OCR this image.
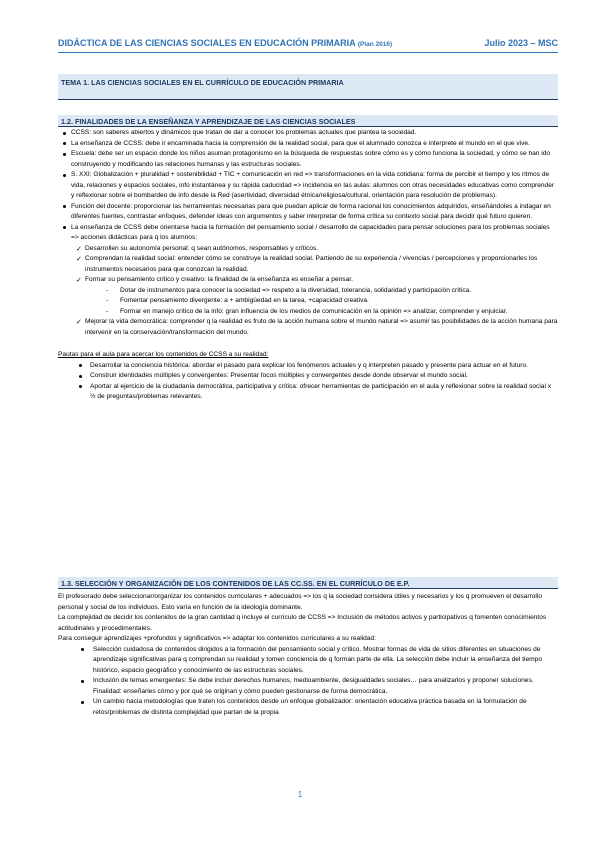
DIDÁCTICA DE LAS CIENCIAS SOCIALES EN EDUCACIÓN PRIMARIA (Plan 2016)	Julio 2023 – MSC
TEMA 1. LAS CIENCIAS SOCIALES EN EL CURRÍCULO DE EDUCACIÓN PRIMARIA
1.2. FINALIDADES DE LA ENSEÑANZA Y APRENDIZAJE DE LAS CIENCIAS SOCIALES
CCSS: son saberes abiertos y dinámicos que tratan de dar a conocer los problemas actuales que plantea la sociedad.
La enseñanza de CCSS: debe ir encaminada hacia la comprensión de la realidad social, para que el alumnado conozca e interprete el mundo en el que vive.
Escuela: debe ser un espacio donde los niños asuman protagonismo en la búsqueda de respuestas sobre cómo es y cómo funciona la sociedad, y cómo se han ido construyendo y modificando las relaciones humanas y las estructuras sociales.
S. XXI: Globalización + pluralidad + sostenibilidad + TIC + comunicación en red => transformaciones en la vida cotidiana: forma de percibir el tiempo y los ritmos de vida, relaciones y espacios sociales, info instantánea y su rápida caducidad => incidencia en las aulas: alumnos con otras necesidades educativas como comprender y reflexionar sobre el bombardeo de info desde la Red (asertividad, diversidad étnica/religiosa/cultural, orientación para resolución de problemas).
Función del docente: proporcionar las herramientas necesarias para que puedan aplicar de forma racional los conocimientos adquiridos, enseñándoles a indagar en diferentes fuentes, contrastar enfoques, defender ideas con argumentos y saber interpretar de forma crítica su contexto social para decidir qué futuro quieren.
La enseñanza de CCSS debe orientarse hacia la formación del pensamiento social / desarrollo de capacidades para pensar soluciones para los problemas sociales => acciones didácticas para q los alumnos:
✓ Desarrollen su autonomía personal: q sean autónomos, responsables y críticos.
✓ Comprendan la realidad social: entender cómo se construye la realidad social. Partiendo de su experiencia / vivencias / percepciones y proporcionarles los instrumentos necesarios para que conozcan la realidad.
✓ Formar su pensamiento crítico y creativo: la finalidad de la enseñanza es enseñar a pensar.
- Dotar de instrumentos para conocer la sociedad => respeto a la diversidad, tolerancia, solidaridad y participación crítica.
- Fomentar pensamiento divergente: a + ambigüedad en la tarea, +capacidad creativa.
- Formar en manejo crítico de la info: gran influencia de los medios de comunicación en la opinión => analizar, comprender y enjuiciar.
✓ Mejorar la vida democrática: comprender q la realidad es fruto de la acción humana sobre el mundo natural => asumir las posibilidades de la acción humana para intervenir en la conservación/transformación del mundo.

Pautas para el aula para acercar los contenidos de CCSS a su realidad:

Desarrollar la conciencia histórica: abordar el pasado para explicar los fenómenos actuales y q interpreten pasado y presente para actuar en el futuro.
Construir identidades múltiples y convergentes: Presentar focos múltiples y convergentes desde donde observar el mundo social.
Aportar al ejercicio de la ciudadanía democrática, participativa y crítica: ofrecer herramientas de participación en el aula y reflexionar sobre la realidad social x ½ de preguntas/problemas relevantes.
1.3. SELECCIÓN Y ORGANIZACIÓN DE LOS CONTENIDOS DE LAS CC.SS. EN EL CURRÍCULO DE E.P.

El profesorado debe seleccionar/organizar los contenidos curriculares + adecuados => los q la sociedad considera útiles y necesarios y los q promueven el desarrollo personal y social de los individuos. Esto varía en función de la ideología dominante.

La complejidad de decidir los contenidos de la gran cantidad q incluye el currículo de CCSS => Inclusión de métodos activos y participativos q fomenten conocimientos actitudinales y procedimentales.

Para conseguir aprendizajes +profundos y significativos => adaptar los contenidos curriculares a su realidad:

Selección cuidadosa de contenidos dirigidos a la formación del pensamiento social y crítico. Mostrar formas de vida de sitios diferentes en situaciones de aprendizaje significativas para q comprendan su realidad y tomen conciencia de q forman parte de ella. La selección debe incluir la enseñanza del tiempo histórico, espacio geográfico y conocimiento de las estructuras sociales.
Inclusión de temas emergentes: Se debe incluir derechos humanos, medioambiente, desigualdades sociales… para analizarlos y proponer soluciones. Finalidad: enseñarles cómo y por qué se originan y cómo pueden gestionarse de forma democrática.
Un cambio hacia metodologías que traten los contenidos desde un enfoque globalizador: orientación educativa práctica basada en la formulación de retos/problemas de distinta complejidad que partan de la propia
1
